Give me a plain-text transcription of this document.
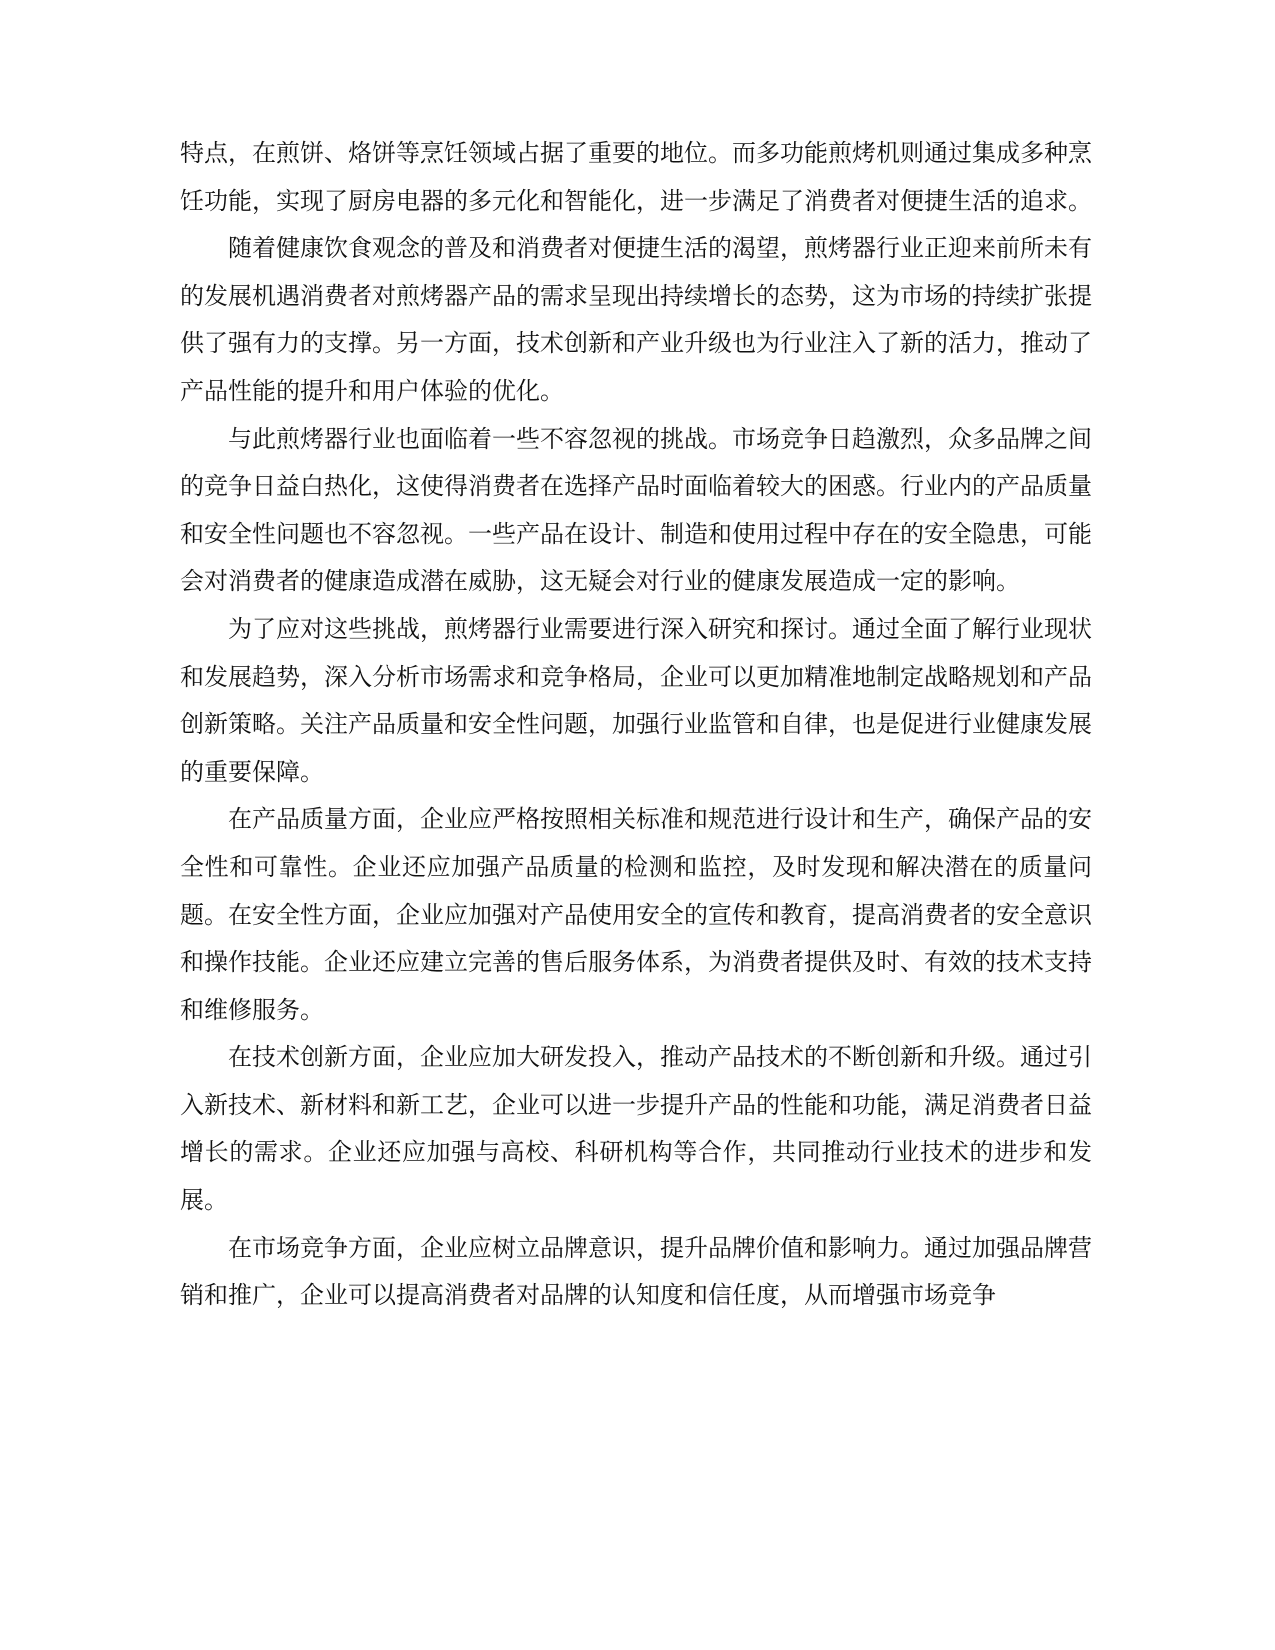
特点，在煎饼、烙饼等烹饪领域占据了重要的地位。而多功能煎烤机则通过集成多种烹饪功能，实现了厨房电器的多元化和智能化，进一步满足了消费者对便捷生活的追求。

随着健康饮食观念的普及和消费者对便捷生活的渴望，煎烤器行业正迎来前所未有的发展机遇消费者对煎烤器产品的需求呈现出持续增长的态势，这为市场的持续扩张提供了强有力的支撑。另一方面，技术创新和产业升级也为行业注入了新的活力，推动了产品性能的提升和用户体验的优化。

与此煎烤器行业也面临着一些不容忽视的挑战。市场竞争日趋激烈，众多品牌之间的竞争日益白热化，这使得消费者在选择产品时面临着较大的困惑。行业内的产品质量和安全性问题也不容忽视。一些产品在设计、制造和使用过程中存在的安全隐患，可能会对消费者的健康造成潜在威胁，这无疑会对行业的健康发展造成一定的影响。

为了应对这些挑战，煎烤器行业需要进行深入研究和探讨。通过全面了解行业现状和发展趋势，深入分析市场需求和竞争格局，企业可以更加精准地制定战略规划和产品创新策略。关注产品质量和安全性问题，加强行业监管和自律，也是促进行业健康发展的重要保障。

在产品质量方面，企业应严格按照相关标准和规范进行设计和生产，确保产品的安全性和可靠性。企业还应加强产品质量的检测和监控，及时发现和解决潜在的质量问题。在安全性方面，企业应加强对产品使用安全的宣传和教育，提高消费者的安全意识和操作技能。企业还应建立完善的售后服务体系，为消费者提供及时、有效的技术支持和维修服务。

在技术创新方面，企业应加大研发投入，推动产品技术的不断创新和升级。通过引入新技术、新材料和新工艺，企业可以进一步提升产品的性能和功能，满足消费者日益增长的需求。企业还应加强与高校、科研机构等合作，共同推动行业技术的进步和发展。

在市场竞争方面，企业应树立品牌意识，提升品牌价值和影响力。通过加强品牌营销和推广，企业可以提高消费者对品牌的认知度和信任度，从而增强市场竞争
